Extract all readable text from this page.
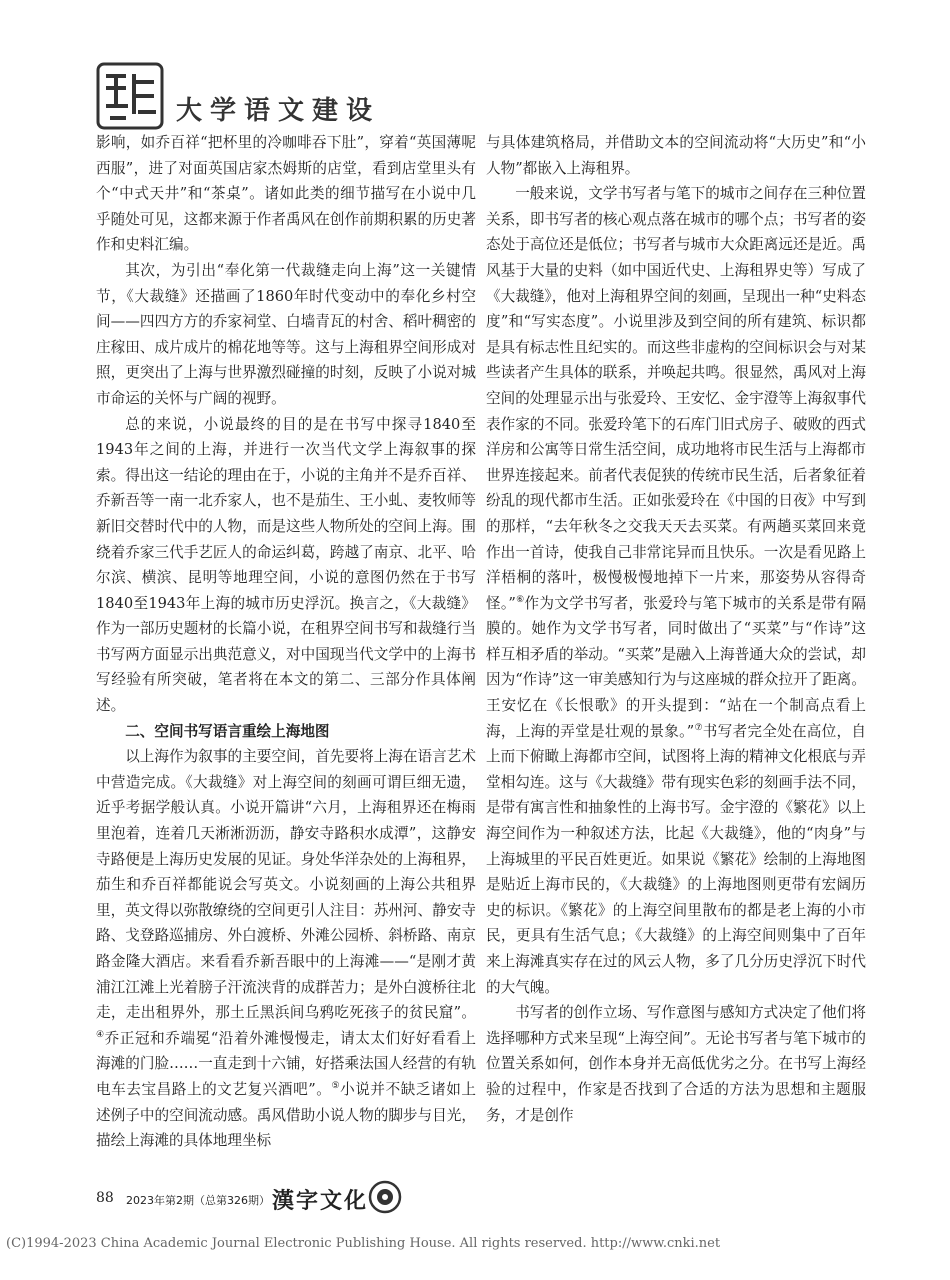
大学语文建设

影响，如乔百祥“把杯里的冷咖啡吞下肚”，穿着“英国薄呢西服”，进了对面英国店家杰姆斯的店堂，看到店堂里头有个“中式天井”和“茶桌”。诸如此类的细节描写在小说中几乎随处可见，这都来源于作者禹风在创作前期积累的历史著作和史料汇编。

其次，为引出“奉化第一代裁缝走向上海”这一关键情节，《大裁缝》还描画了1860年时代变动中的奉化乡村空间——四四方方的乔家祠堂、白墙青瓦的村舍、稻叶稠密的庄稼田、成片成片的棉花地等等。这与上海租界空间形成对照，更突出了上海与世界激烈碰撞的时刻，反映了小说对城市命运的关怀与广阔的视野。

总的来说，小说最终的目的是在书写中探寻1840至1943年之间的上海，并进行一次当代文学上海叙事的探索。得出这一结论的理由在于，小说的主角并不是乔百祥、乔新吾等一南一北乔家人，也不是茄生、王小虬、麦牧师等新旧交替时代中的人物，而是这些人物所处的空间上海。围绕着乔家三代手艺匠人的命运纠葛，跨越了南京、北平、哈尔滨、横滨、昆明等地理空间，小说的意图仍然在于书写1840至1943年上海的城市历史浮沉。换言之，《大裁缝》作为一部历史题材的长篇小说，在租界空间书写和裁缝行当书写两方面显示出典范意义，对中国现当代文学中的上海书写经验有所突破，笔者将在本文的第二、三部分作具体阐述。

二、空间书写语言重绘上海地图

以上海作为叙事的主要空间，首先要将上海在语言艺术中营造完成。《大裁缝》对上海空间的刻画可谓巨细无遗，近乎考据学般认真。小说开篇讲“六月，上海租界还在梅雨里泡着，连着几天淅淅沥沥，静安寺路积水成潭”，这静安寺路便是上海历史发展的见证。身处华洋杂处的上海租界，茄生和乔百祥都能说会写英文。小说刻画的上海公共租界里，英文得以弥散缭绕的空间更引人注目：苏州河、静安寺路、戈登路巡捕房、外白渡桥、外滩公园桥、斜桥路、南京路金隆大酒店。来看看乔新吾眼中的上海滩——“是刚才黄浦江江滩上光着膀子汗流浃背的成群苦力；是外白渡桥往北走，走出租界外，那土丘黑浜间乌鸦吃死孩子的贫民窟”。④乔正冠和乔端冕“沿着外滩慢慢走，请太太们好好看看上海滩的门脸……一直走到十六铺，好搭乘法国人经营的有轨电车去宝昌路上的文艺复兴酒吧”。⑤小说并不缺乏诸如上述例子中的空间流动感。禹风借助小说人物的脚步与目光，描绘上海滩的具体地理坐标

与具体建筑格局，并借助文本的空间流动将“大历史”和“小人物”都嵌入上海租界。

一般来说，文学书写者与笔下的城市之间存在三种位置关系，即书写者的核心观点落在城市的哪个点；书写者的姿态处于高位还是低位；书写者与城市大众距离远还是近。禹风基于大量的史料（如中国近代史、上海租界史等）写成了《大裁缝》，他对上海租界空间的刻画，呈现出一种“史料态度”和“写实态度”。小说里涉及到空间的所有建筑、标识都是具有标志性且纪实的。而这些非虚构的空间标识会与对某些读者产生具体的联系，并唤起共鸣。很显然，禹风对上海空间的处理显示出与张爱玲、王安忆、金宇澄等上海叙事代表作家的不同。张爱玲笔下的石库门旧式房子、破败的西式洋房和公寓等日常生活空间，成功地将市民生活与上海都市世界连接起来。前者代表促狭的传统市民生活，后者象征着纷乱的现代都市生活。正如张爱玲在《中国的日夜》中写到的那样，“去年秋冬之交我天天去买菜。有两趟买菜回来竟作出一首诗，使我自己非常诧异而且快乐。一次是看见路上洋梧桐的落叶，极慢极慢地掉下一片来，那姿势从容得奇怪。”⑥作为文学书写者，张爱玲与笔下城市的关系是带有隔膜的。她作为文学书写者，同时做出了“买菜”与“作诗”这样互相矛盾的举动。“买菜”是融入上海普通大众的尝试，却因为“作诗”这一审美感知行为与这座城的群众拉开了距离。王安忆在《长恨歌》的开头提到：“站在一个制高点看上海，上海的弄堂是壮观的景象。”⑦书写者完全处在高位，自上而下俯瞰上海都市空间，试图将上海的精神文化根底与弄堂相勾连。这与《大裁缝》带有现实色彩的刻画手法不同，是带有寓言性和抽象性的上海书写。金宇澄的《繁花》以上海空间作为一种叙述方法，比起《大裁缝》，他的“肉身”与上海城里的平民百姓更近。如果说《繁花》绘制的上海地图是贴近上海市民的，《大裁缝》的上海地图则更带有宏阔历史的标识。《繁花》的上海空间里散布的都是老上海的小市民，更具有生活气息；《大裁缝》的上海空间则集中了百年来上海滩真实存在过的风云人物，多了几分历史浮沉下时代的大气魄。

书写者的创作立场、写作意图与感知方式决定了他们将选择哪种方式来呈现“上海空间”。无论书写者与笔下城市的位置关系如何，创作本身并无高低优劣之分。在书写上海经验的过程中，作家是否找到了合适的方法为思想和主题服务，才是创作

88 2023年第2期（总第326期） 漢字文化
(C)1994-2023 China Academic Journal Electronic Publishing House. All rights reserved. http://www.cnki.net
